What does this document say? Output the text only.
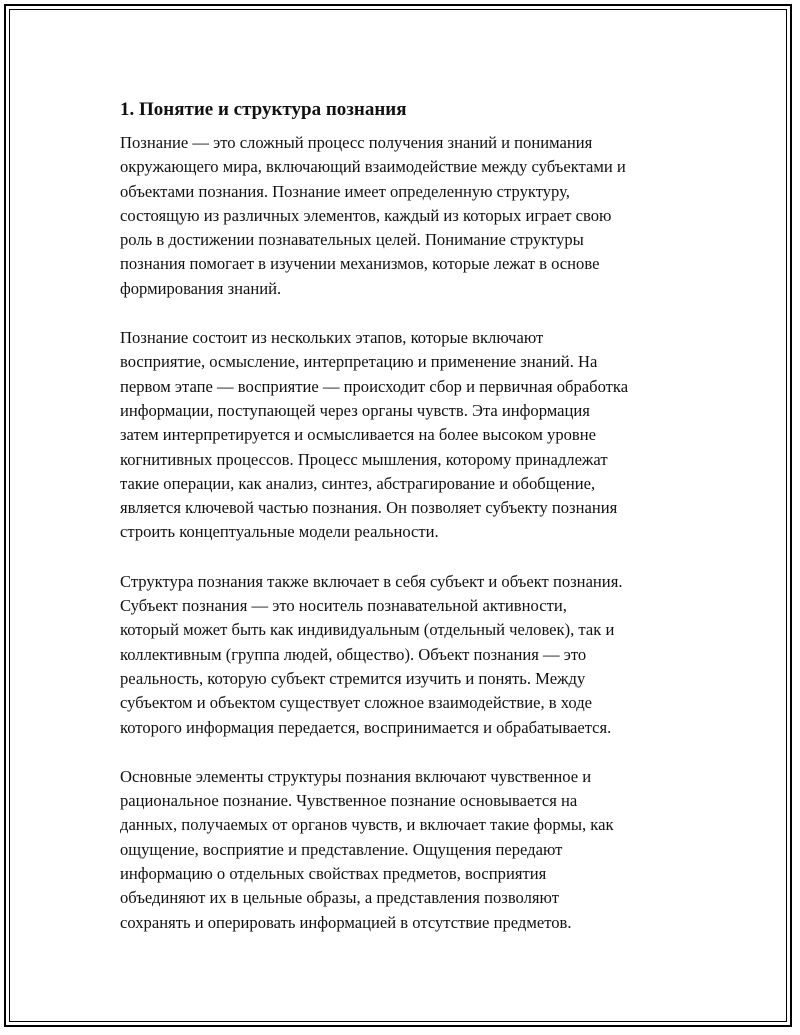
1. Понятие и структура познания
Познание — это сложный процесс получения знаний и понимания
окружающего мира, включающий взаимодействие между субъектами и
объектами познания. Познание имеет определенную структуру,
состоящую из различных элементов, каждый из которых играет свою
роль в достижении познавательных целей. Понимание структуры
познания помогает в изучении механизмов, которые лежат в основе
формирования знаний.
Познание состоит из нескольких этапов, которые включают
восприятие, осмысление, интерпретацию и применение знаний. На
первом этапе — восприятие — происходит сбор и первичная обработка
информации, поступающей через органы чувств. Эта информация
затем интерпретируется и осмысливается на более высоком уровне
когнитивных процессов. Процесс мышления, которому принадлежат
такие операции, как анализ, синтез, абстрагирование и обобщение,
является ключевой частью познания. Он позволяет субъекту познания
строить концептуальные модели реальности.
Структура познания также включает в себя субъект и объект познания.
Субъект познания — это носитель познавательной активности,
который может быть как индивидуальным (отдельный человек), так и
коллективным (группа людей, общество). Объект познания — это
реальность, которую субъект стремится изучить и понять. Между
субъектом и объектом существует сложное взаимодействие, в ходе
которого информация передается, воспринимается и обрабатывается.
Основные элементы структуры познания включают чувственное и
рациональное познание. Чувственное познание основывается на
данных, получаемых от органов чувств, и включает такие формы, как
ощущение, восприятие и представление. Ощущения передают
информацию о отдельных свойствах предметов, восприятия
объединяют их в цельные образы, а представления позволяют
сохранять и оперировать информацией в отсутствие предметов.
